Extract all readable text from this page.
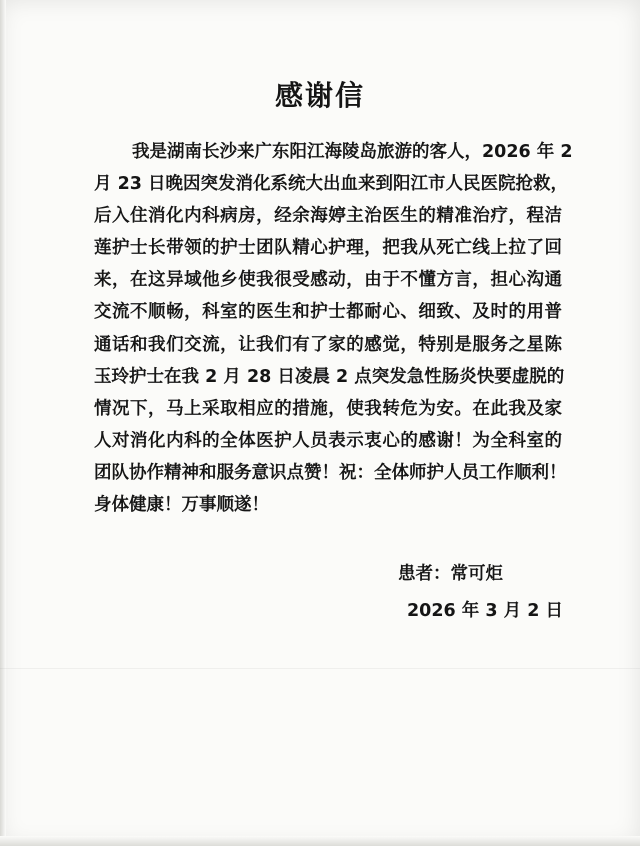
感谢信
我是湖南长沙来广东阳江海陵岛旅游的客人，2026 年 2
月 23 日晚因突发消化系统大出血来到阳江市人民医院抢救，
后入住消化内科病房，经余海婷主治医生的精准治疗，程洁
莲护士长带领的护士团队精心护理，把我从死亡线上拉了回
来，在这异域他乡使我很受感动，由于不懂方言，担心沟通
交流不顺畅，科室的医生和护士都耐心、细致、及时的用普
通话和我们交流，让我们有了家的感觉，特别是服务之星陈
玉玲护士在我 2 月 28 日凌晨 2 点突发急性肠炎快要虚脱的
情况下，马上采取相应的措施，使我转危为安。在此我及家
人对消化内科的全体医护人员表示衷心的感谢！为全科室的
团队协作精神和服务意识点赞！祝：全体师护人员工作顺利！
身体健康！万事顺遂！
患者：常可炬
2026 年 3 月 2 日
